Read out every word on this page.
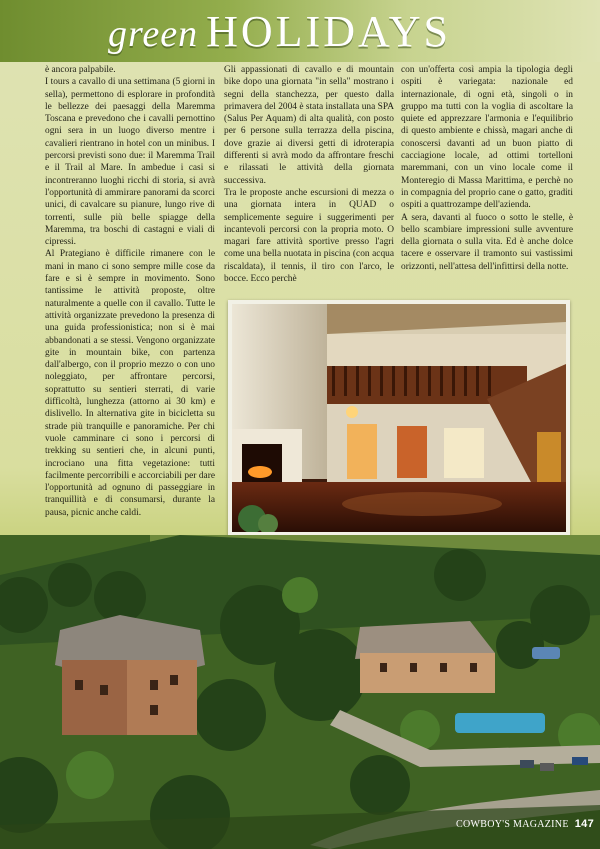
green HOLIDAYS

è ancora palpabile.

I tours a cavallo di una settimana (5 giorni in sella), permettono di esplorare in profondità le bellezze dei paesaggi della Maremma Toscana e prevedono che i cavalli pernottino ogni sera in un luogo diverso mentre i cavalieri rientrano in hotel con un minibus. I percorsi previsti sono due: il Maremma Trail e il Trail al Mare. In ambedue i casi si incontreranno luoghi ricchi di storia, si avrà l'opportunità di ammirare panorami da scorci unici, di cavalcare su pianure, lungo rive di torrenti, sulle più belle spiagge della Maremma, tra boschi di castagni e viali di cipressi.

Al Prategiano è difficile rimanere con le mani in mano ci sono sempre mille cose da fare e si è sempre in movimento. Sono tantissime le attività proposte, oltre naturalmente a quelle con il cavallo. Tutte le attività organizzate prevedono la presenza di una guida professionistica; non si è mai abbandonati a se stessi. Vengono organizzate gite in mountain bike, con partenza dall'albergo, con il proprio mezzo o con uno noleggiato, per affrontare percorsi, soprattutto su sentieri sterrati, di varie difficoltà, lunghezza (attorno ai 30 km) e dislivello. In alternativa gite in bicicletta su strade più tranquille e panoramiche. Per chi vuole camminare ci sono i percorsi di trekking su sentieri che, in alcuni punti, incrociano una fitta vegetazione: tutti facilmente percorribili e accorciabili per dare l'opportunità ad ognuno di passeggiare in tranquillità e di consumarsi, durante la pausa, picnic anche caldi.

Gli appassionati di cavallo e di mountain bike dopo una giornata "in sella" mostrano i segni della stanchezza, per questo dalla primavera del 2004 è stata installata una SPA (Salus Per Aquam) di alta qualità, con posto per 6 persone sulla terrazza della piscina, dove grazie ai diversi getti di idroterapia differenti si avrà modo da affrontare freschi e rilassati le attività della giornata successiva.

Tra le proposte anche escursioni di mezza o una giornata intera in QUAD o semplicemente seguire i suggerimenti per incantevoli percorsi con la propria moto. O magari fare attività sportive presso l'agri come una bella nuotata in piscina (con acqua riscaldata), il tennis, il tiro con l'arco, le bocce. Ecco perchè

con un'offerta così ampia la tipologia degli ospiti è variegata: nazionale ed internazionale, di ogni età, singoli o in gruppo ma tutti con la voglia di ascoltare la quiete ed apprezzare l'armonia e l'equilibrio di questo ambiente e chissà, magari anche di conoscersi davanti ad un buon piatto di cacciagione locale, ad ottimi tortelloni maremmani, con un vino locale come il Monteregio di Massa Marittima, e perchè no in compagnia del proprio cane o gatto, graditi ospiti a quattrozampe dell'azienda.

A sera, davanti al fuoco o sotto le stelle, è bello scambiare impressioni sulle avventure della giornata o sulla vita. Ed è anche dolce tacere e osservare il tramonto sui vastissimi orizzonti, nell'attesa dell'infittirsi della notte.

COWBOY'S MAGAZINE 147
